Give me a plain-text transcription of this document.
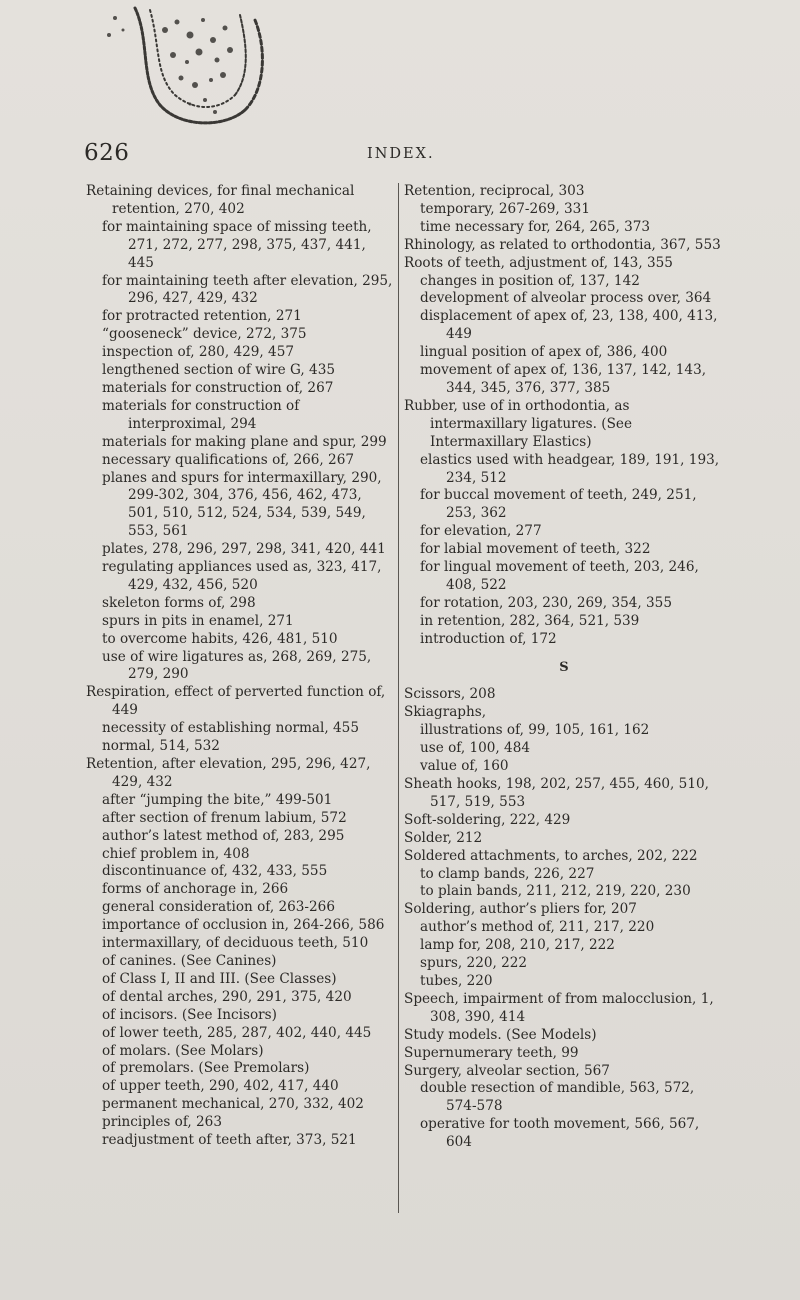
626	INDEX.
Retaining devices, for final mechanical retention, 270, 402
for maintaining space of missing teeth, 271, 272, 277, 298, 375, 437, 441, 445
for maintaining teeth after elevation, 295, 296, 427, 429, 432
for protracted retention, 271
“gooseneck” device, 272, 375
inspection of, 280, 429, 457
lengthened section of wire G, 435
materials for construction of, 267
materials for construction of interproximal, 294
materials for making plane and spur, 299
necessary qualifications of, 266, 267
planes and spurs for intermaxillary, 290, 299-302, 304, 376, 456, 462, 473, 501, 510, 512, 524, 534, 539, 549, 553, 561
plates, 278, 296, 297, 298, 341, 420, 441
regulating appliances used as, 323, 417, 429, 432, 456, 520
skeleton forms of, 298
spurs in pits in enamel, 271
to overcome habits, 426, 481, 510
use of wire ligatures as, 268, 269, 275, 279, 290
Respiration, effect of perverted function of, 449
necessity of establishing normal, 455
normal, 514, 532
Retention, after elevation, 295, 296, 427, 429, 432
after “jumping the bite,” 499-501
after section of frenum labium, 572
author’s latest method of, 283, 295
chief problem in, 408
discontinuance of, 432, 433, 555
forms of anchorage in, 266
general consideration of, 263-266
importance of occlusion in, 264-266, 586
intermaxillary, of deciduous teeth, 510
of canines. (See Canines)
of Class I, II and III. (See Classes)
of dental arches, 290, 291, 375, 420
of incisors. (See Incisors)
of lower teeth, 285, 287, 402, 440, 445
of molars. (See Molars)
of premolars. (See Premolars)
of upper teeth, 290, 402, 417, 440
permanent mechanical, 270, 332, 402
principles of, 263
readjustment of teeth after, 373, 521
Retention, reciprocal, 303
temporary, 267-269, 331
time necessary for, 264, 265, 373
Rhinology, as related to orthodontia, 367, 553
Roots of teeth, adjustment of, 143, 355
changes in position of, 137, 142
development of alveolar process over, 364
displacement of apex of, 23, 138, 400, 413, 449
lingual position of apex of, 386, 400
movement of apex of, 136, 137, 142, 143, 344, 345, 376, 377, 385
Rubber, use of in orthodontia, as intermaxillary ligatures. (See Intermaxillary Elastics)
elastics used with headgear, 189, 191, 193, 234, 512
for buccal movement of teeth, 249, 251, 253, 362
for elevation, 277
for labial movement of teeth, 322
for lingual movement of teeth, 203, 246, 408, 522
for rotation, 203, 230, 269, 354, 355
in retention, 282, 364, 521, 539
introduction of, 172
S
Scissors, 208
Skiagraphs,
illustrations of, 99, 105, 161, 162
use of, 100, 484
value of, 160
Sheath hooks, 198, 202, 257, 455, 460, 510, 517, 519, 553
Soft-soldering, 222, 429
Solder, 212
Soldered attachments, to arches, 202, 222
to clamp bands, 226, 227
to plain bands, 211, 212, 219, 220, 230
Soldering, author’s pliers for, 207
author’s method of, 211, 217, 220
lamp for, 208, 210, 217, 222
spurs, 220, 222
tubes, 220
Speech, impairment of from malocclusion, 1, 308, 390, 414
Study models. (See Models)
Supernumerary teeth, 99
Surgery, alveolar section, 567
double resection of mandible, 563, 572, 574-578
operative for tooth movement, 566, 567, 604
